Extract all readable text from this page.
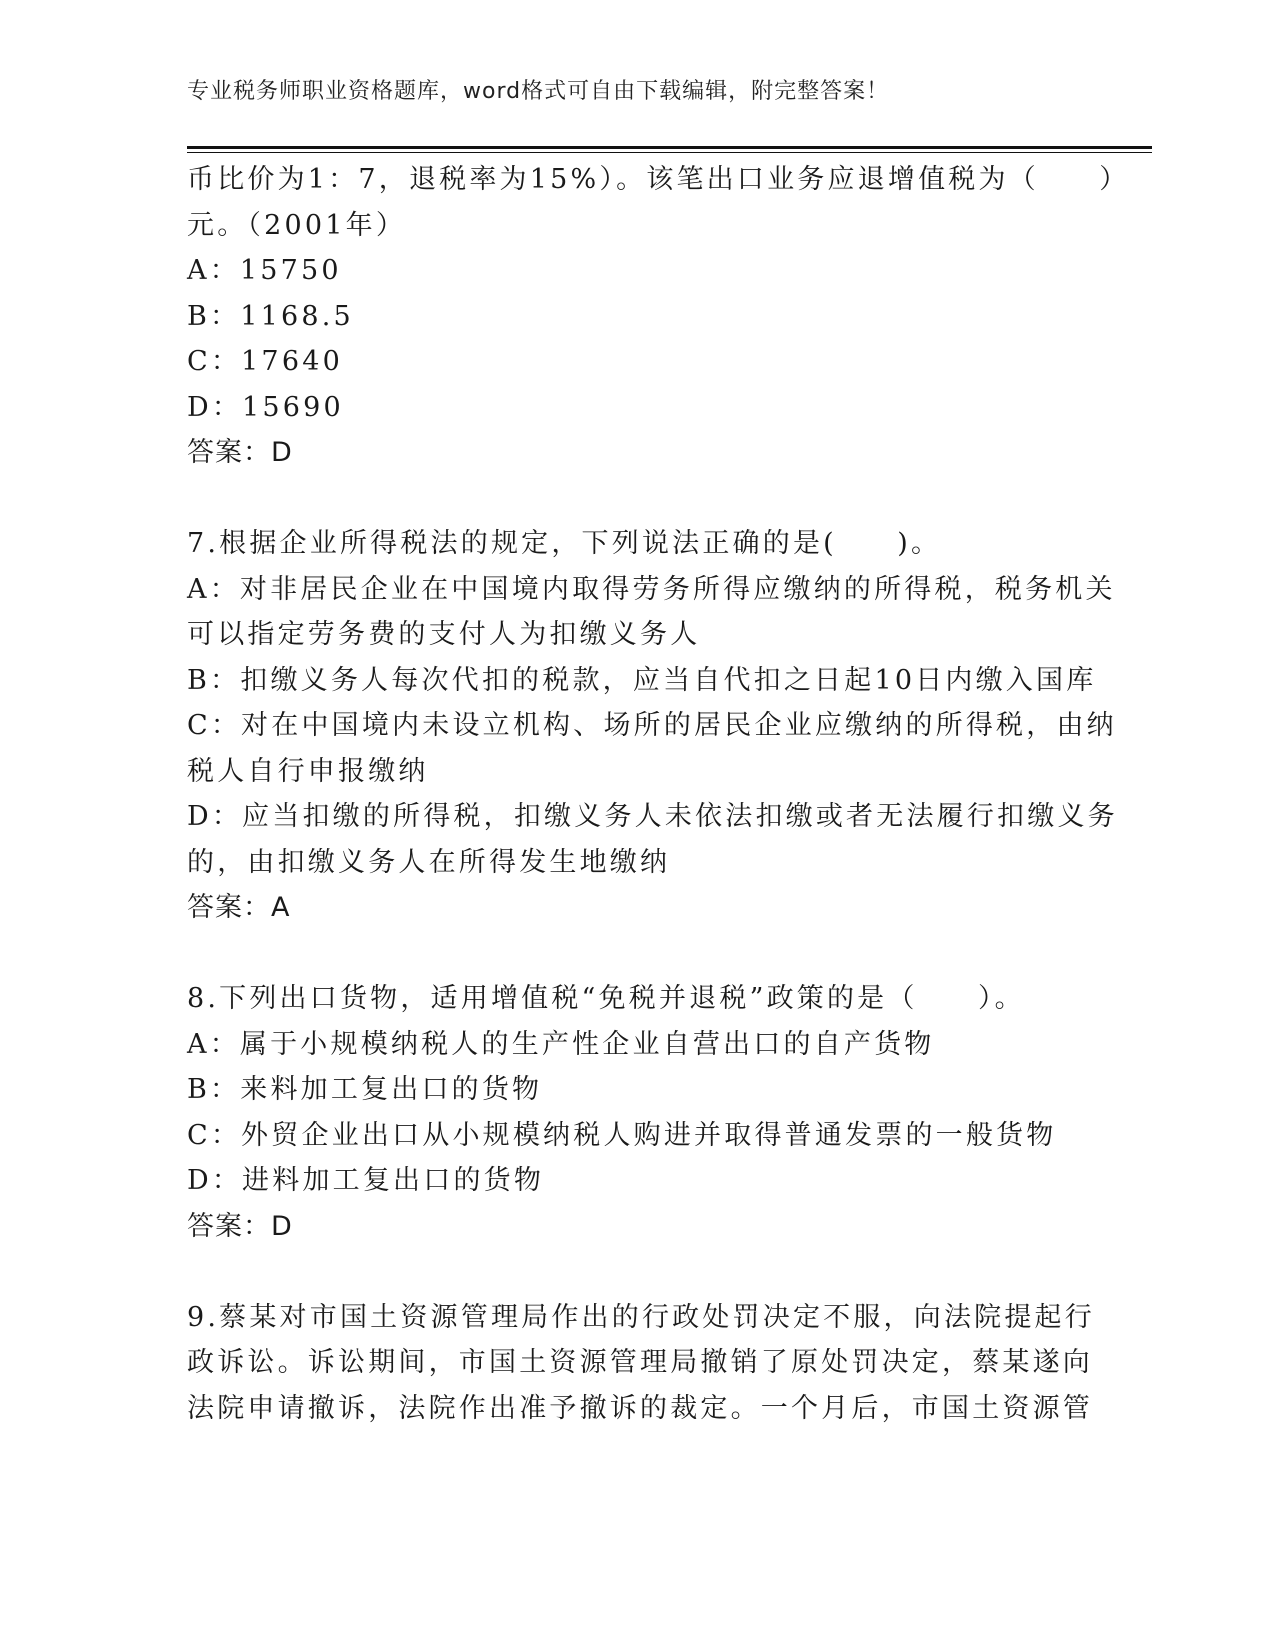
专业税务师职业资格题库，word格式可自由下载编辑，附完整答案！
币比价为1：7，退税率为15%）。该笔出口业务应退增值税为（　　）
元。（2001年）
A：15750
B：1168.5
C：17640
D：15690
答案：D
7.根据企业所得税法的规定，下列说法正确的是(　　)。
A：对非居民企业在中国境内取得劳务所得应缴纳的所得税，税务机关
可以指定劳务费的支付人为扣缴义务人
B：扣缴义务人每次代扣的税款，应当自代扣之日起10日内缴入国库
C：对在中国境内未设立机构、场所的居民企业应缴纳的所得税，由纳
税人自行申报缴纳
D：应当扣缴的所得税，扣缴义务人未依法扣缴或者无法履行扣缴义务
的，由扣缴义务人在所得发生地缴纳
答案：A
8.下列出口货物，适用增值税“免税并退税”政策的是（　　）。
A：属于小规模纳税人的生产性企业自营出口的自产货物
B：来料加工复出口的货物
C：外贸企业出口从小规模纳税人购进并取得普通发票的一般货物
D：进料加工复出口的货物
答案：D
9.蔡某对市国土资源管理局作出的行政处罚决定不服，向法院提起行
政诉讼。诉讼期间，市国土资源管理局撤销了原处罚决定，蔡某遂向
法院申请撤诉，法院作出准予撤诉的裁定。一个月后，市国土资源管
